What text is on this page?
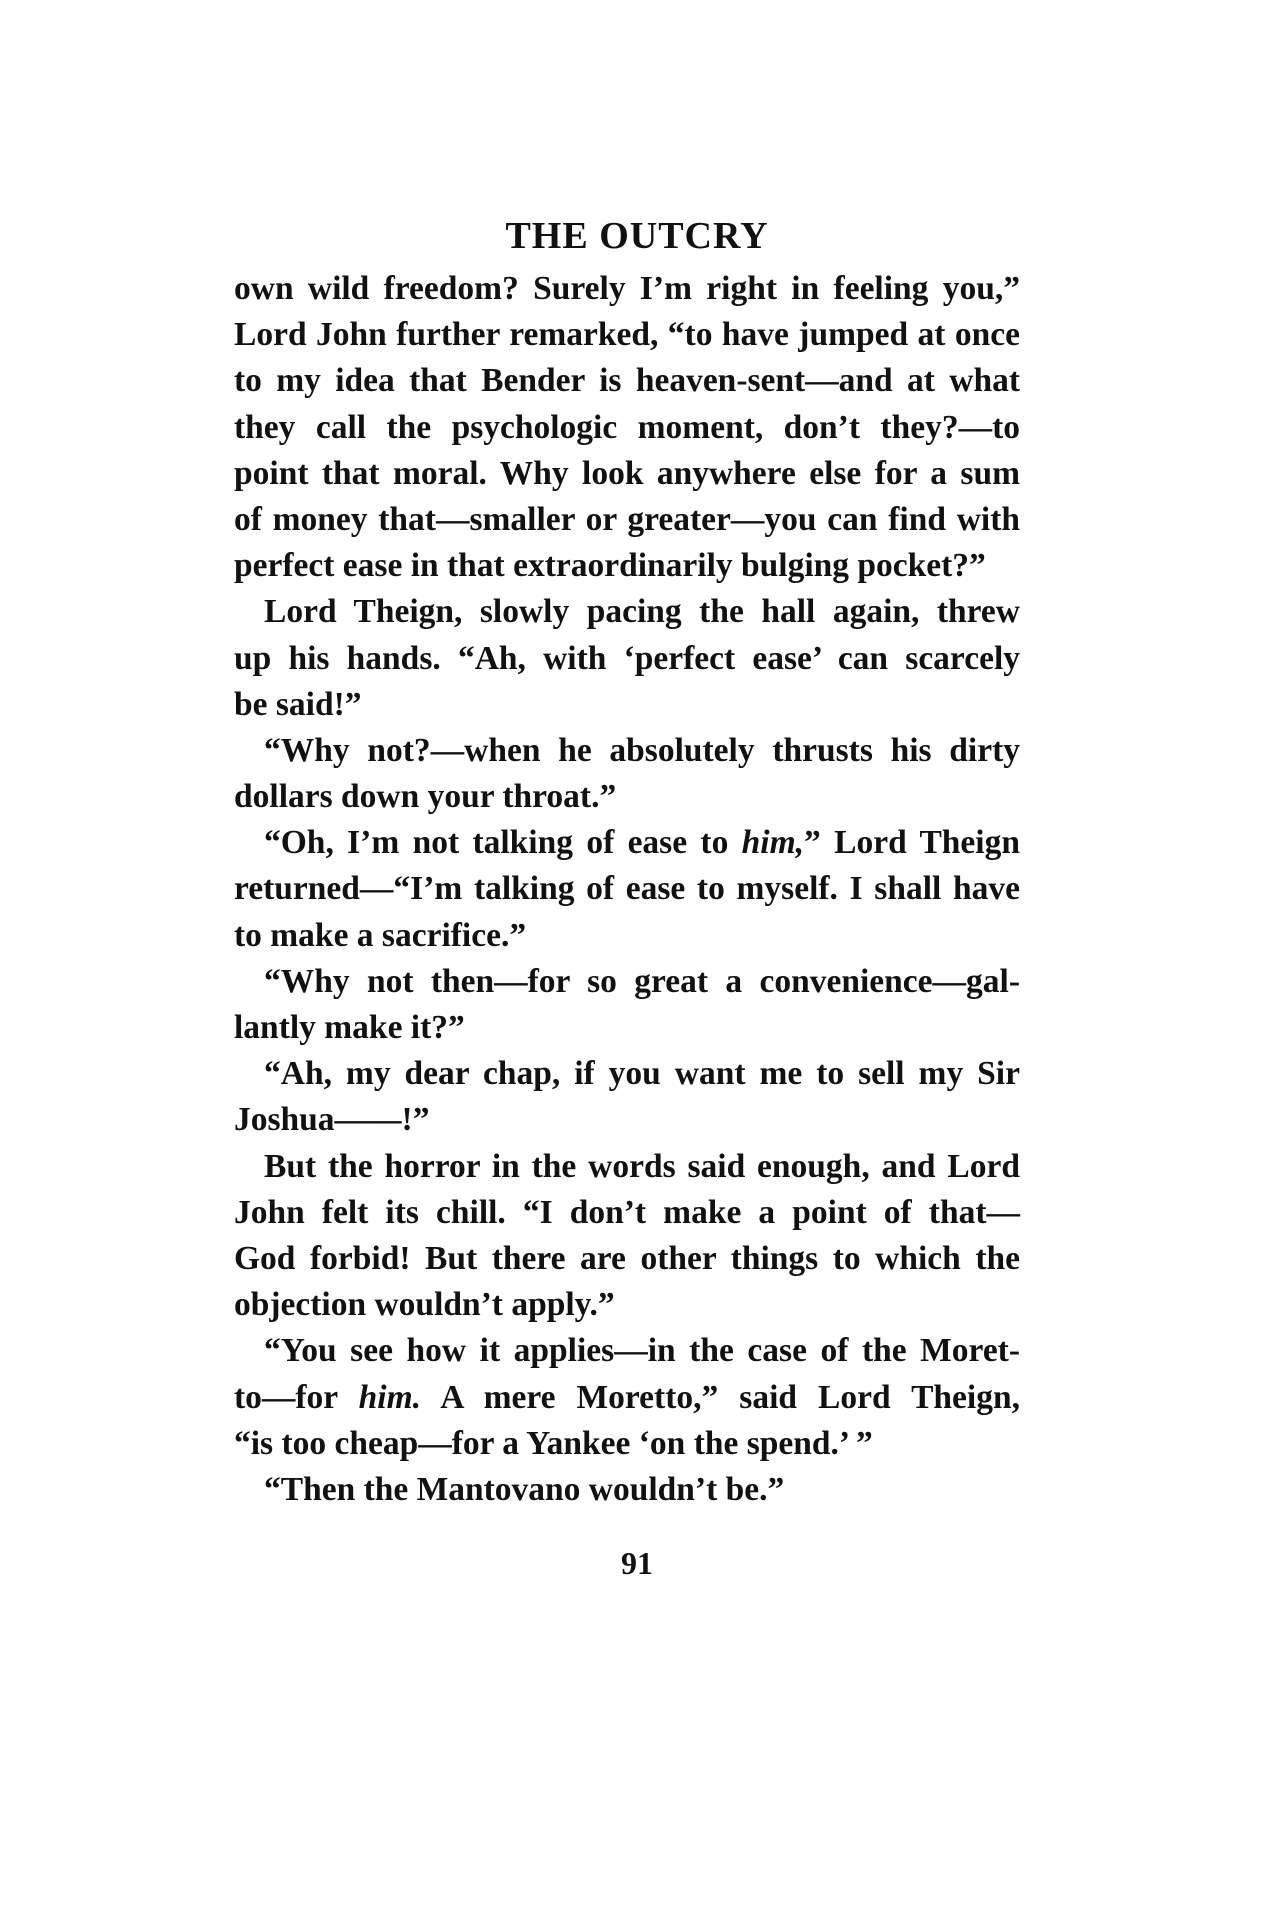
THE OUTCRY
own wild freedom? Surely I’m right in feeling you,”
Lord John further remarked, “to have jumped at once
to my idea that Bender is heaven-sent—and at what
they call the psychologic moment, don’t they?—to
point that moral. Why look anywhere else for a sum
of money that—smaller or greater—you can find with
perfect ease in that extraordinarily bulging pocket?”
Lord Theign, slowly pacing the hall again, threw
up his hands. “Ah, with ‘perfect ease’ can scarcely
be said!”
“Why not?—when he absolutely thrusts his dirty
dollars down your throat.”
“Oh, I’m not talking of ease to him,” Lord Theign
returned—“I’m talking of ease to myself. I shall have
to make a sacrifice.”
“Why not then—for so great a convenience—gal-
lantly make it?”
“Ah, my dear chap, if you want me to sell my Sir
Joshua——!”
But the horror in the words said enough, and Lord
John felt its chill. “I don’t make a point of that—
God forbid! But there are other things to which the
objection wouldn’t apply.”
“You see how it applies—in the case of the Moret-
to—for him. A mere Moretto,” said Lord Theign,
“is too cheap—for a Yankee ‘on the spend.’ ”
“Then the Mantovano wouldn’t be.”
91
